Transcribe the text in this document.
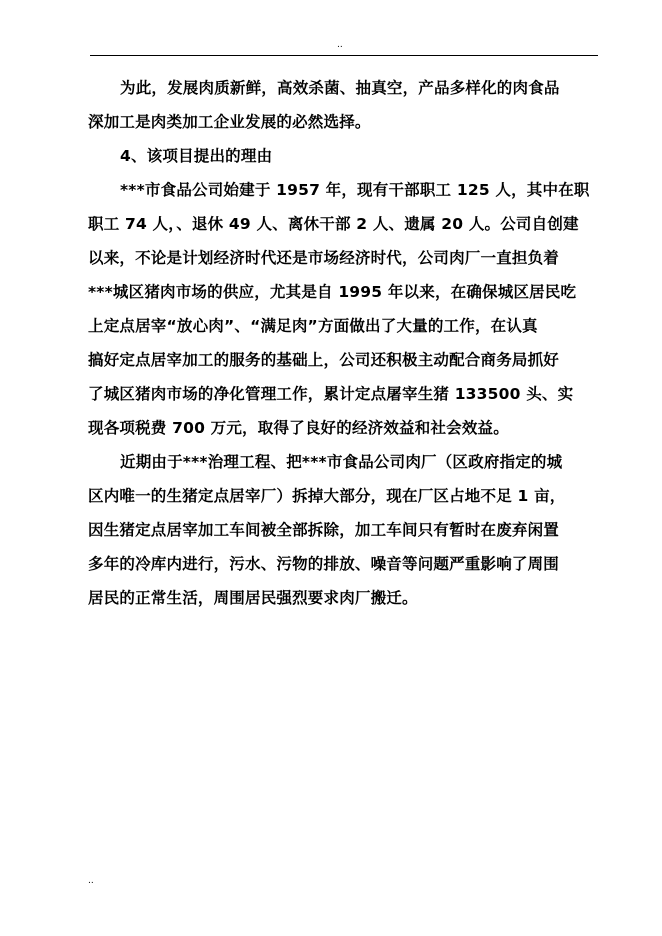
..
为此，发展肉质新鲜，高效杀菌、抽真空，产品多样化的肉食品
深加工是肉类加工企业发展的必然选择。
4、该项目提出的理由
***市食品公司始建于 1957 年，现有干部职工 125 人，其中在职
职工 74 人，、退休 49 人、离休干部 2 人、遗属 20 人。公司自创建
以来，不论是计划经济时代还是市场经济时代，公司肉厂一直担负着
***城区猪肉市场的供应，尤其是自 1995 年以来，在确保城区居民吃
上定点居宰“放心肉”、“满足肉”方面做出了大量的工作，在认真
搞好定点居宰加工的服务的基础上，公司还积极主动配合商务局抓好
了城区猪肉市场的净化管理工作，累计定点屠宰生猪 133500 头、实
现各项税费 700 万元，取得了良好的经济效益和社会效益。
近期由于***治理工程、把***市食品公司肉厂（区政府指定的城
区内唯一的生猪定点居宰厂）拆掉大部分，现在厂区占地不足 1 亩，
因生猪定点居宰加工车间被全部拆除，加工车间只有暂时在废弃闲置
多年的冷库内进行，污水、污物的排放、噪音等问题严重影响了周围
居民的正常生活，周围居民强烈要求肉厂搬迁。
..
